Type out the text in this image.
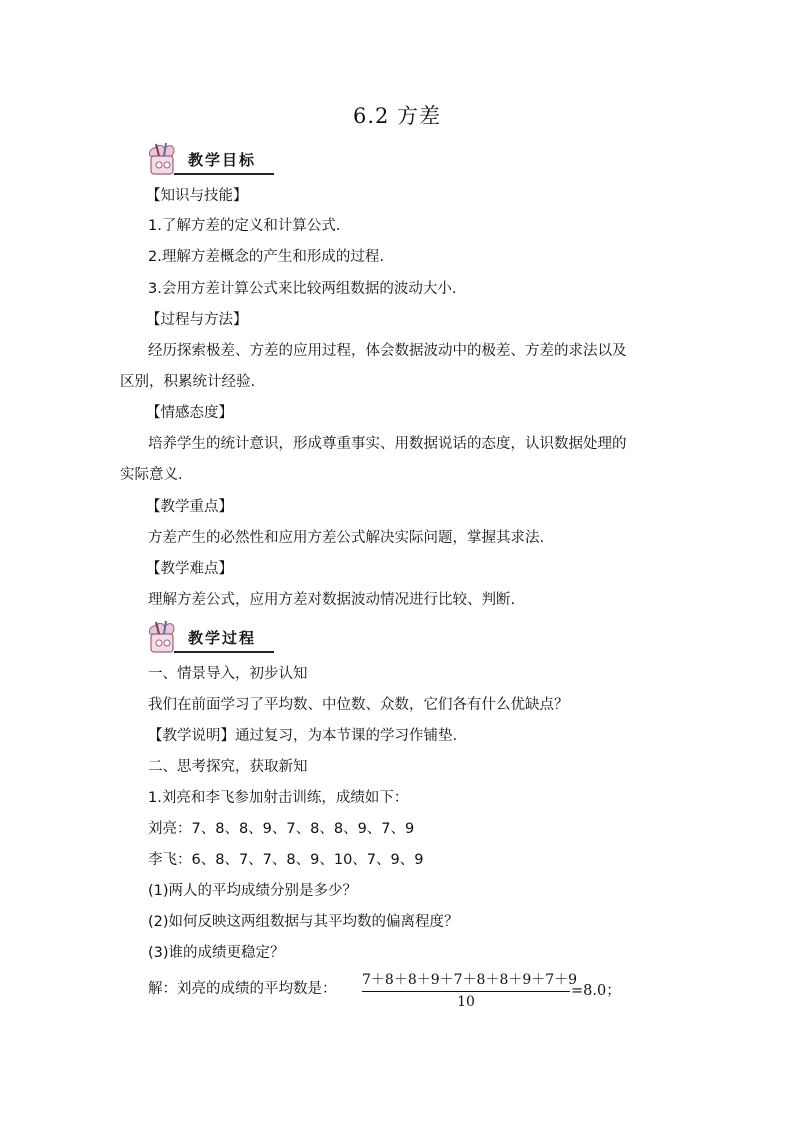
6.2 方差
教学目标
【知识与技能】
1.了解方差的定义和计算公式.
2.理解方差概念的产生和形成的过程.
3.会用方差计算公式来比较两组数据的波动大小.
【过程与方法】
经历探索极差、方差的应用过程，体会数据波动中的极差、方差的求法以及
区别，积累统计经验.
【情感态度】
培养学生的统计意识，形成尊重事实、用数据说话的态度，认识数据处理的
实际意义.
【教学重点】
方差产生的必然性和应用方差公式解决实际问题，掌握其求法.
【教学难点】
理解方差公式，应用方差对数据波动情况进行比较、判断.
教学过程
一、情景导入，初步认知
我们在前面学习了平均数、中位数、众数，它们各有什么优缺点？
【教学说明】通过复习，为本节课的学习作铺垫.
二、思考探究，获取新知
1.刘亮和李飞参加射击训练，成绩如下：
刘亮：7、8、8、9、7、8、8、9、7、9
李飞：6、8、7、7、8、9、10、7、9、9
(1)两人的平均成绩分别是多少？
(2)如何反映这两组数据与其平均数的偏离程度？
(3)谁的成绩更稳定？
解：刘亮的成绩的平均数是：
7＋8＋8＋9＋7＋8＋8＋9＋7＋9
10
=8.0；
